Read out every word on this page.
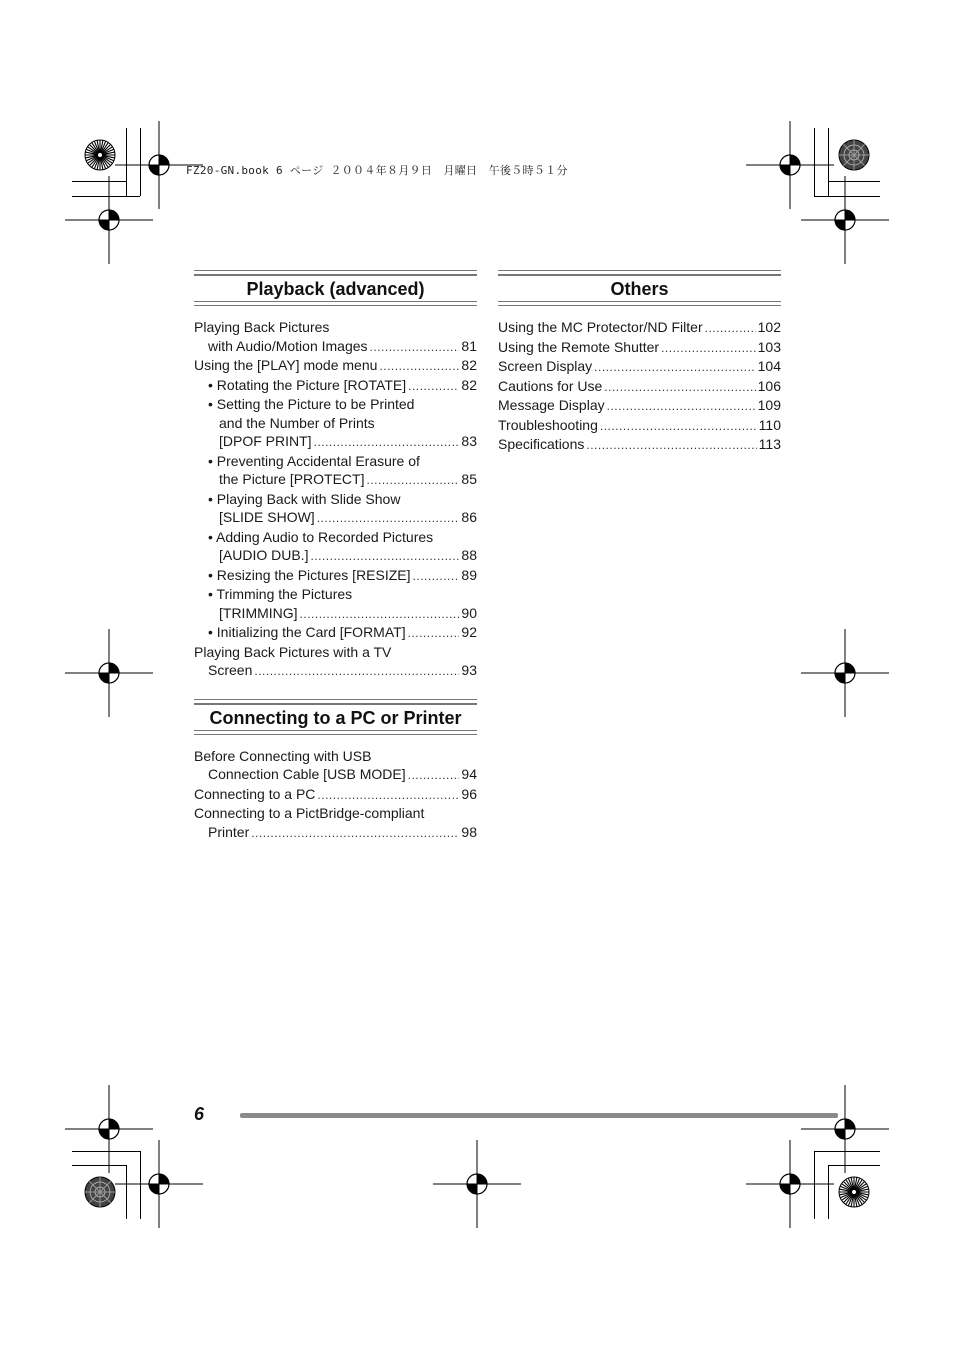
FZ20-GN.book 6 ページ ２００４年８月９日　月曜日　午後５時５１分
Playback (advanced)
Playing Back Pictures
with Audio/Motion Images .....	81
Using the [PLAY] mode menu .....	82
• Rotating the Picture [ROTATE] .....	82
• Setting the Picture to be Printed
and the Number of Prints
[DPOF PRINT] .....	83
• Preventing Accidental Erasure of
the Picture [PROTECT] .....	85
• Playing Back with Slide Show
[SLIDE SHOW] .....	86
• Adding Audio to Recorded Pictures
[AUDIO DUB.] .....	88
• Resizing the Pictures [RESIZE] .....	89
• Trimming the Pictures
[TRIMMING] .....	90
• Initializing the Card [FORMAT] .....	92
Playing Back Pictures with a TV
Screen .....	93
Connecting to a PC or Printer
Before Connecting with USB
Connection Cable [USB MODE] .....	94
Connecting to a PC .....	96
Connecting to a PictBridge-compliant
Printer .....	98
Others
Using the MC Protector/ND Filter .....	102
Using the Remote Shutter .....	103
Screen Display .....	104
Cautions for Use .....	106
Message Display .....	109
Troubleshooting .....	110
Specifications .....	113
6
